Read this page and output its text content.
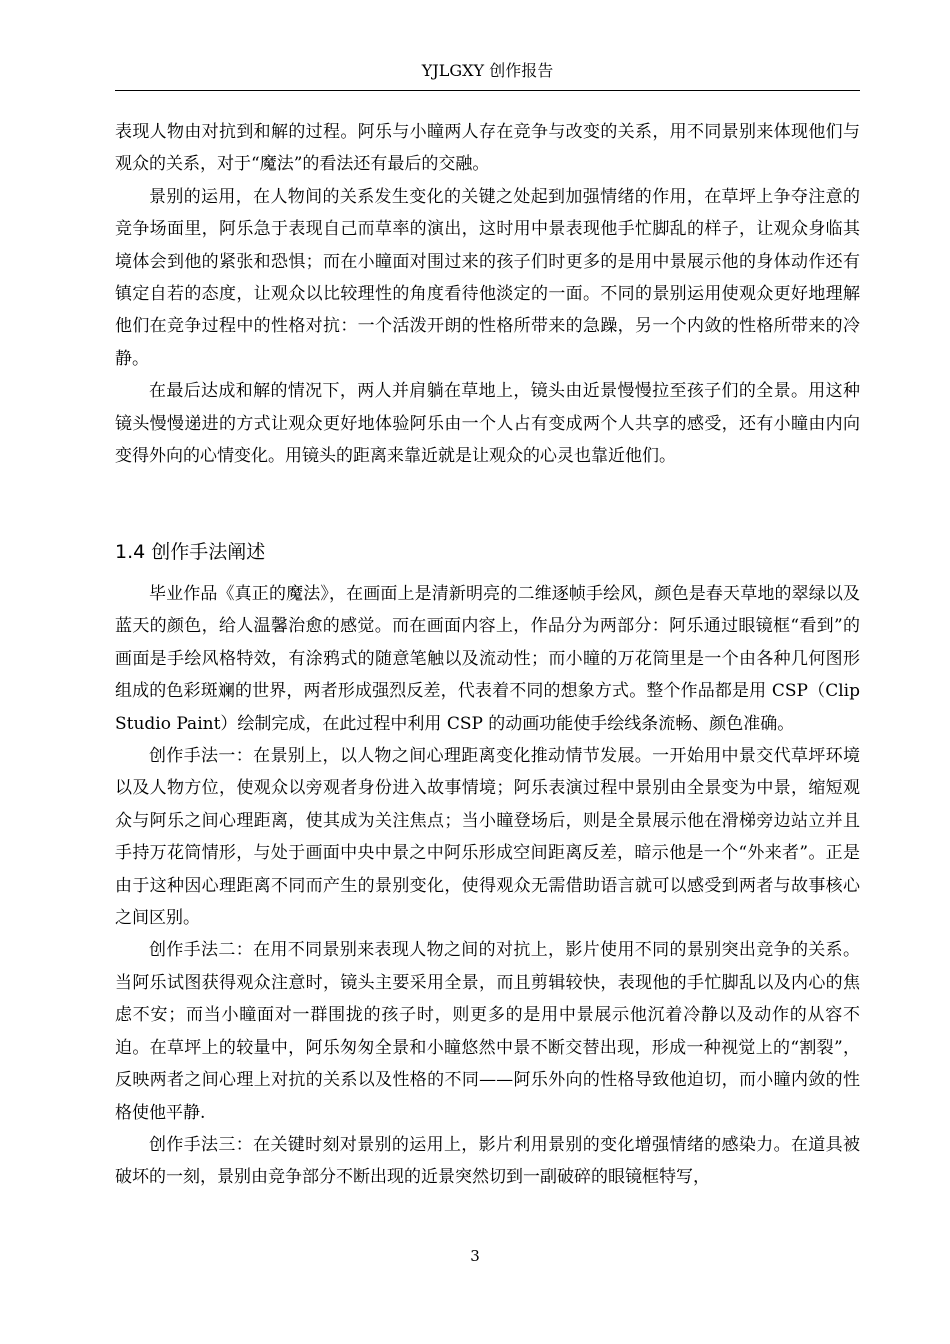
YJLGXY 创作报告

表现人物由对抗到和解的过程。阿乐与小瞳两人存在竞争与改变的关系，用不同景别来体现他们与观众的关系，对于“魔法”的看法还有最后的交融。

景别的运用，在人物间的关系发生变化的关键之处起到加强情绪的作用，在草坪上争夺注意的竞争场面里，阿乐急于表现自己而草率的演出，这时用中景表现他手忙脚乱的样子，让观众身临其境体会到他的紧张和恐惧；而在小瞳面对围过来的孩子们时更多的是用中景展示他的身体动作还有镇定自若的态度，让观众以比较理性的角度看待他淡定的一面。不同的景别运用使观众更好地理解他们在竞争过程中的性格对抗：一个活泼开朗的性格所带来的急躁，另一个内敛的性格所带来的冷静。

在最后达成和解的情况下，两人并肩躺在草地上，镜头由近景慢慢拉至孩子们的全景。用这种镜头慢慢递进的方式让观众更好地体验阿乐由一个人占有变成两个人共享的感受，还有小瞳由内向变得外向的心情变化。用镜头的距离来靠近就是让观众的心灵也靠近他们。

1.4 创作手法阐述

毕业作品《真正的魔法》，在画面上是清新明亮的二维逐帧手绘风，颜色是春天草地的翠绿以及蓝天的颜色，给人温馨治愈的感觉。而在画面内容上，作品分为两部分：阿乐通过眼镜框“看到”的画面是手绘风格特效，有涂鸦式的随意笔触以及流动性；而小瞳的万花筒里是一个由各种几何图形组成的色彩斑斓的世界，两者形成强烈反差，代表着不同的想象方式。整个作品都是用 CSP（Clip Studio Paint）绘制完成，在此过程中利用 CSP 的动画功能使手绘线条流畅、颜色准确。

创作手法一：在景别上，以人物之间心理距离变化推动情节发展。一开始用中景交代草坪环境以及人物方位，使观众以旁观者身份进入故事情境；阿乐表演过程中景别由全景变为中景，缩短观众与阿乐之间心理距离，使其成为关注焦点；当小瞳登场后，则是全景展示他在滑梯旁边站立并且手持万花筒情形，与处于画面中央中景之中阿乐形成空间距离反差，暗示他是一个“外来者”。正是由于这种因心理距离不同而产生的景别变化，使得观众无需借助语言就可以感受到两者与故事核心之间区别。

创作手法二：在用不同景别来表现人物之间的对抗上，影片使用不同的景别突出竞争的关系。当阿乐试图获得观众注意时，镜头主要采用全景，而且剪辑较快，表现他的手忙脚乱以及内心的焦虑不安；而当小瞳面对一群围拢的孩子时，则更多的是用中景展示他沉着冷静以及动作的从容不迫。在草坪上的较量中，阿乐匆匆全景和小瞳悠然中景不断交替出现，形成一种视觉上的“割裂”，反映两者之间心理上对抗的关系以及性格的不同——阿乐外向的性格导致他迫切，而小瞳内敛的性格使他平静.

创作手法三：在关键时刻对景别的运用上，影片利用景别的变化增强情绪的感染力。在道具被破坏的一刻，景别由竞争部分不断出现的近景突然切到一副破碎的眼镜框特写，

3
